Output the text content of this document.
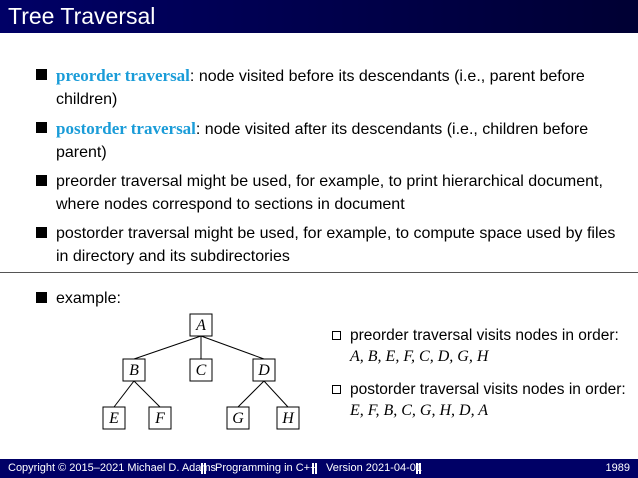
Tree Traversal
preorder traversal: node visited before its descendants (i.e., parent before children)
postorder traversal: node visited after its descendants (i.e., children before parent)
preorder traversal might be used, for example, to print hierarchical document, where nodes correspond to sections in document
postorder traversal might be used, for example, to compute space used by files in directory and its subdirectories
example:
A
B	C	D
E F	G H
preorder traversal visits nodes in order: A, B, E, F, C, D, G, H
postorder traversal visits nodes in order: E, F, B, C, G, H, D, A
Copyright © 2015–2021 Michael D. Adams
Programming in C++ Version 2021-04-01	1989
